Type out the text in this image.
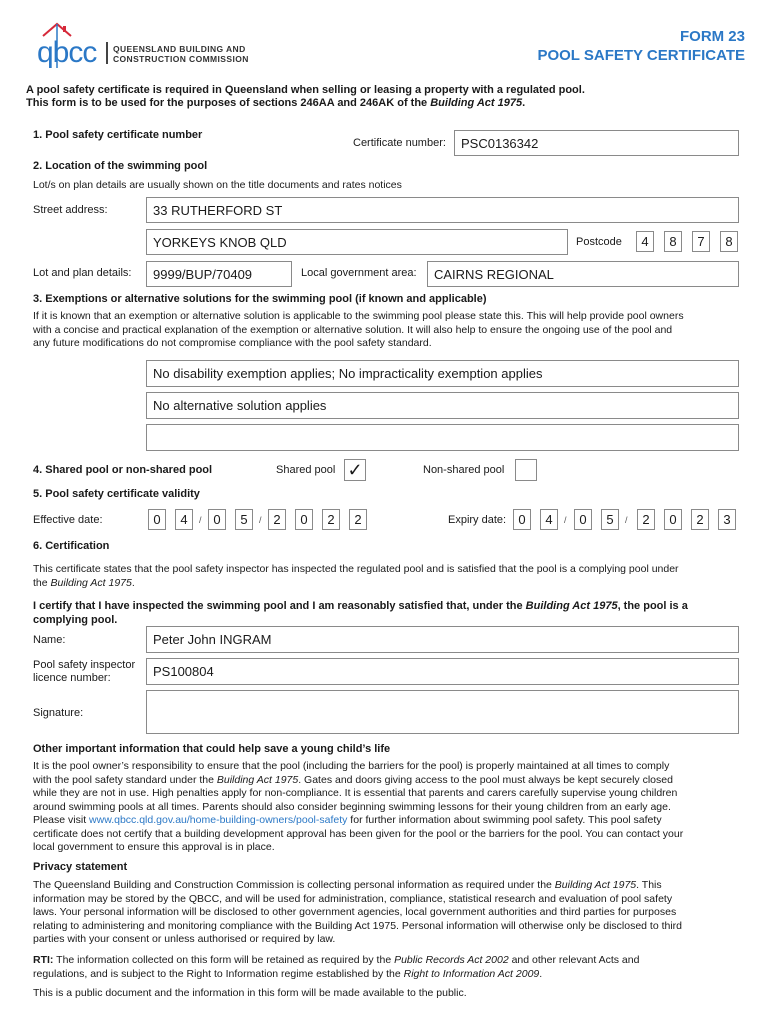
qbcc QUEENSLAND BUILDING AND
CONSTRUCTION COMMISSION
FORM 23
POOL SAFETY CERTIFICATE
A pool safety certificate is required in Queensland when selling or leasing a property with a regulated pool.
This form is to be used for the purposes of sections 246AA and 246AK of the Building Act 1975.
1. Pool safety certificate number
Certificate number:	PSC0136342
2. Location of the swimming pool
Lot/s on plan details are usually shown on the title documents and rates notices
Street address:	33 RUTHERFORD ST
YORKEYS KNOB QLD	Postcode	4	8	7	8
Lot and plan details:	9999/BUP/70409	Local government area:	CAIRNS REGIONAL
3. Exemptions or alternative solutions for the swimming pool (if known and applicable)
If it is known that an exemption or alternative solution is applicable to the swimming pool please state this. This will help provide pool owners
with a concise and practical explanation of the exemption or alternative solution. It will also help to ensure the ongoing use of the pool and
any future modifications do not compromise compliance with the pool safety standard.
No disability exemption applies; No impracticality exemption applies
No alternative solution applies
4. Shared pool or non-shared pool	Shared pool ✓	Non-shared pool
5. Pool safety certificate validity
Effective date:	0	4	/ 0	5	/ 2	0	2	2	Expiry date: 0	4	/ 0	5	/	2	0	2	3
6. Certification
This certificate states that the pool safety inspector has inspected the regulated pool and is satisfied that the pool is a complying pool under
the Building Act 1975.
I certify that I have inspected the swimming pool and I am reasonably satisfied that, under the Building Act 1975, the pool is a
complying pool.
Name:	Peter John INGRAM
Pool safety inspector
licence number:	PS100804
Signature:
Other important information that could help save a young child’s life
It is the pool owner’s responsibility to ensure that the pool (including the barriers for the pool) is properly maintained at all times to comply
with the pool safety standard under the Building Act 1975. Gates and doors giving access to the pool must always be kept securely closed
while they are not in use. High penalties apply for non-compliance. It is essential that parents and carers carefully supervise young children
around swimming pools at all times. Parents should also consider beginning swimming lessons for their young children from an early age.
Please visit www.qbcc.qld.gov.au/home-building-owners/pool-safety for further information about swimming pool safety. This pool safety
certificate does not certify that a building development approval has been given for the pool or the barriers for the pool. You can contact your
local government to ensure this approval is in place.
Privacy statement
The Queensland Building and Construction Commission is collecting personal information as required under the Building Act 1975. This
information may be stored by the QBCC, and will be used for administration, compliance, statistical research and evaluation of pool safety
laws. Your personal information will be disclosed to other government agencies, local government authorities and third parties for purposes
relating to administering and monitoring compliance with the Building Act 1975. Personal information will otherwise only be disclosed to third
parties with your consent or unless authorised or required by law.
RTI: The information collected on this form will be retained as required by the Public Records Act 2002 and other relevant Acts and
regulations, and is subject to the Right to Information regime established by the Right to Information Act 2009.
This is a public document and the information in this form will be made available to the public.
